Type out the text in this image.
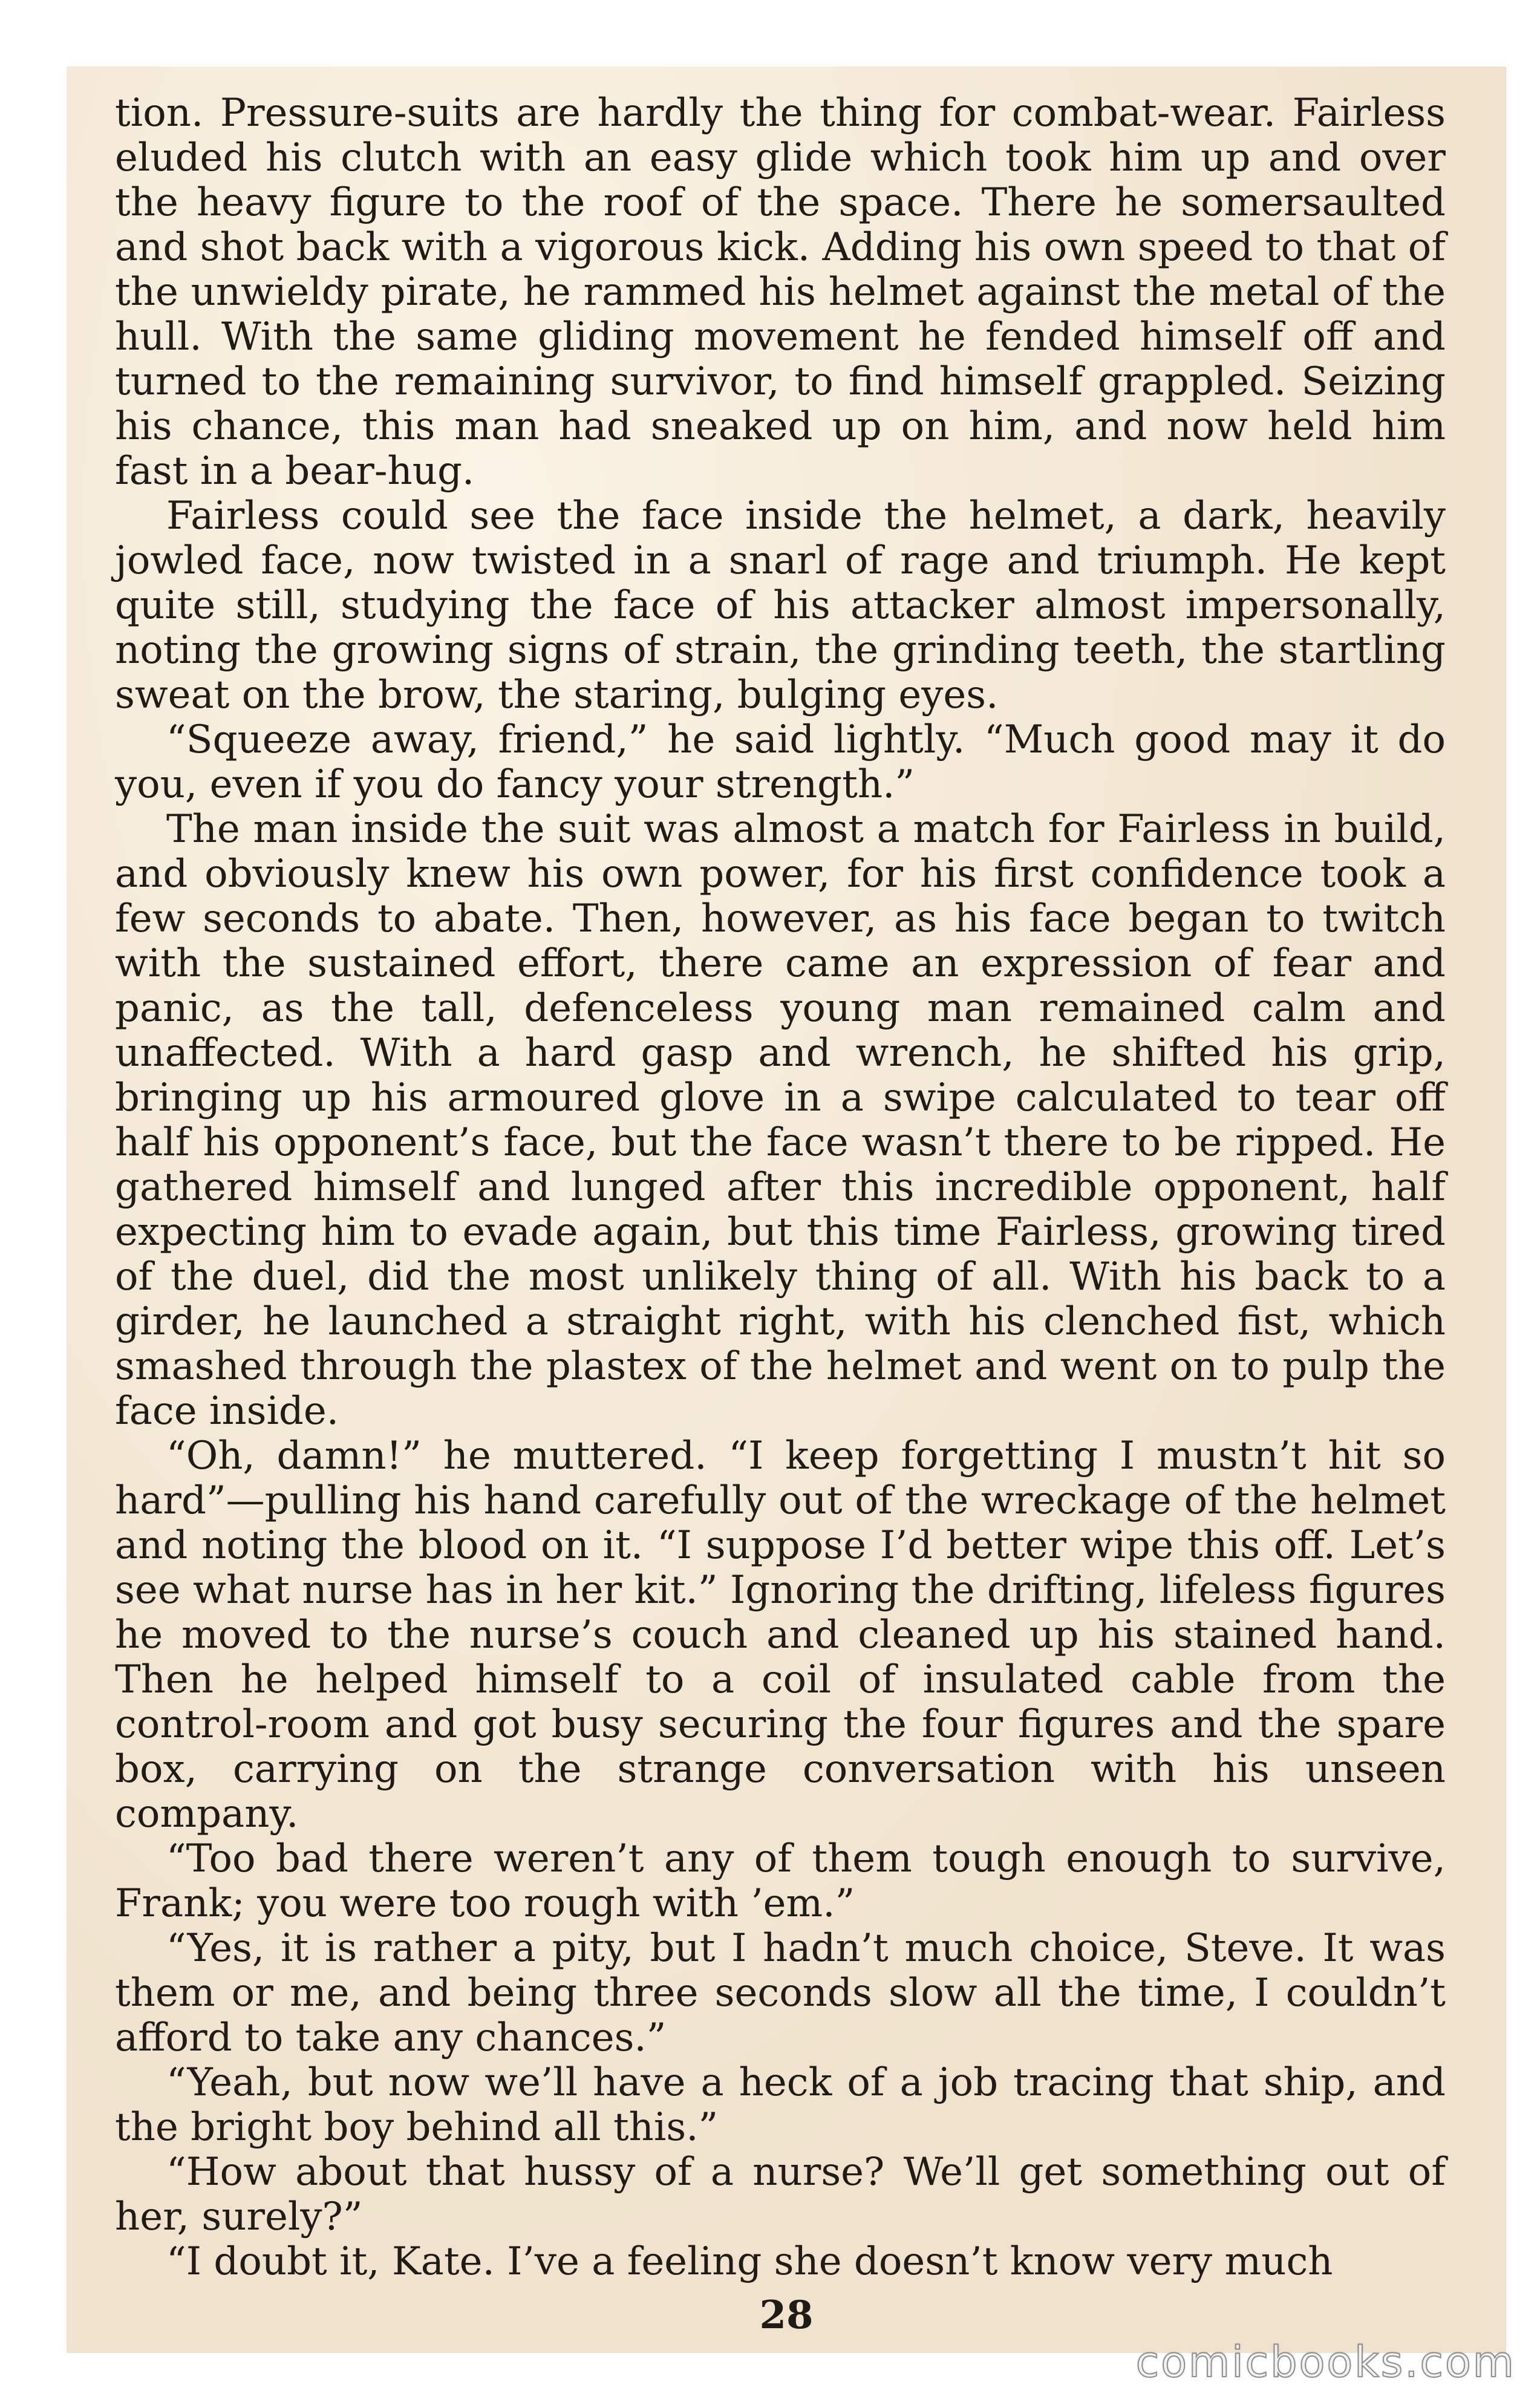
tion. Pressure-suits are hardly the thing for combat-wear. Fairless eluded his clutch with an easy glide which took him up and over the heavy figure to the roof of the space. There he somersaulted and shot back with a vigorous kick. Adding his own speed to that of the unwieldy pirate, he rammed his helmet against the metal of the hull. With the same gliding movement he fended himself off and turned to the remaining survivor, to find himself grappled. Seizing his chance, this man had sneaked up on him, and now held him fast in a bear-hug.

Fairless could see the face inside the helmet, a dark, heavily jowled face, now twisted in a snarl of rage and triumph. He kept quite still, studying the face of his attacker almost impersonally, noting the growing signs of strain, the grinding teeth, the startling sweat on the brow, the staring, bulging eyes.

“Squeeze away, friend,” he said lightly. “Much good may it do you, even if you do fancy your strength.”

The man inside the suit was almost a match for Fairless in build, and obviously knew his own power, for his first confidence took a few seconds to abate. Then, however, as his face began to twitch with the sustained effort, there came an expression of fear and panic, as the tall, defenceless young man remained calm and unaffected. With a hard gasp and wrench, he shifted his grip, bringing up his armoured glove in a swipe calculated to tear off half his opponent’s face, but the face wasn’t there to be ripped. He gathered himself and lunged after this incredible opponent, half expecting him to evade again, but this time Fairless, growing tired of the duel, did the most unlikely thing of all. With his back to a girder, he launched a straight right, with his clenched fist, which smashed through the plastex of the helmet and went on to pulp the face inside.

“Oh, damn!” he muttered. “I keep forgetting I mustn’t hit so hard”—pulling his hand carefully out of the wreckage of the helmet and noting the blood on it. “I suppose I’d better wipe this off. Let’s see what nurse has in her kit.” Ignoring the drifting, lifeless figures he moved to the nurse’s couch and cleaned up his stained hand. Then he helped himself to a coil of insulated cable from the control-room and got busy securing the four figures and the spare box, carrying on the strange conversation with his unseen company.

“Too bad there weren’t any of them tough enough to survive, Frank; you were too rough with ’em.”

“Yes, it is rather a pity, but I hadn’t much choice, Steve. It was them or me, and being three seconds slow all the time, I couldn’t afford to take any chances.”

“Yeah, but now we’ll have a heck of a job tracing that ship, and the bright boy behind all this.”

“How about that hussy of a nurse? We’ll get something out of her, surely?”

“I doubt it, Kate. I’ve a feeling she doesn’t know very much

28
comicbooks.com
